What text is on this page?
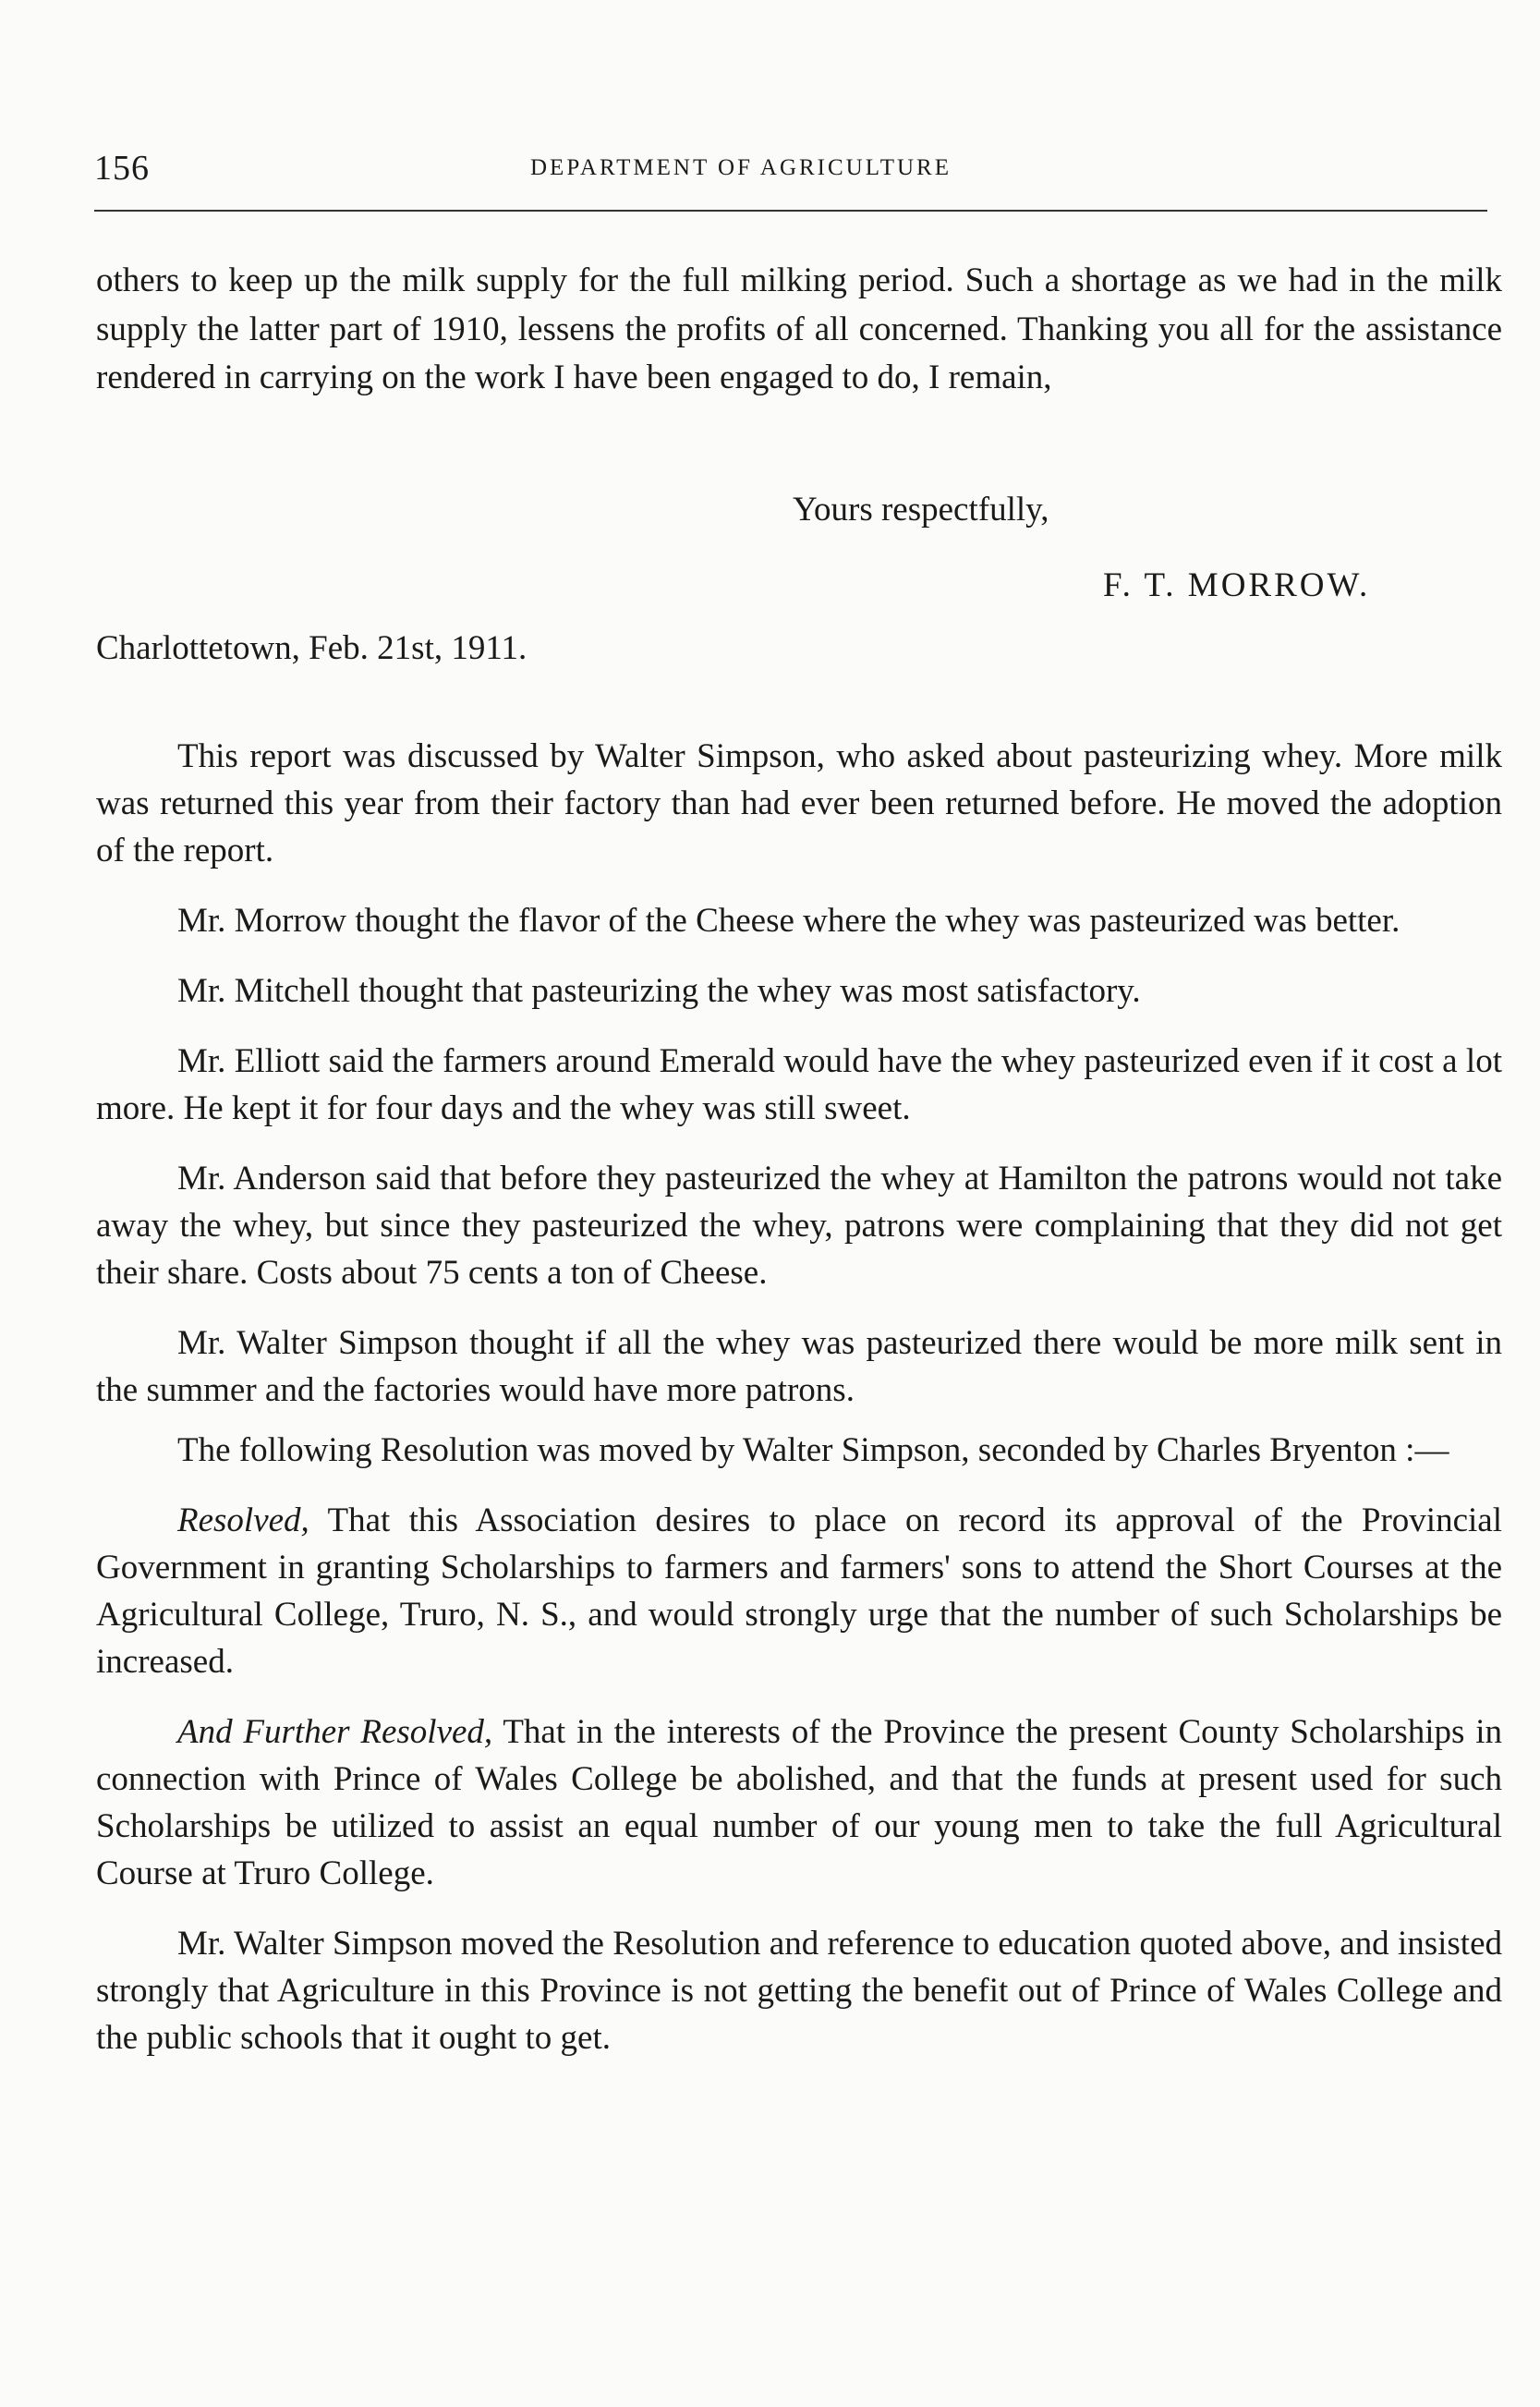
156	DEPARTMENT OF AGRICULTURE

others to keep up the milk supply for the full milking period. Such a shortage as we had in the milk supply the latter part of 1910, lessens the profits of all concerned. Thanking you all for the assistance rendered in carrying on the work I have been engaged to do, I remain,

Yours respectfully,
F. T. MORROW.
Charlottetown, Feb. 21st, 1911.

This report was discussed by Walter Simpson, who asked about pasteurizing whey. More milk was returned this year from their factory than had ever been returned before. He moved the adoption of the report.

Mr. Morrow thought the flavor of the Cheese where the whey was pasteurized was better.

Mr. Mitchell thought that pasteurizing the whey was most satisfactory.

Mr. Elliott said the farmers around Emerald would have the whey pasteurized even if it cost a lot more. He kept it for four days and the whey was still sweet.

Mr. Anderson said that before they pasteurized the whey at Hamilton the patrons would not take away the whey, but since they pasteurized the whey, patrons were complaining that they did not get their share. Costs about 75 cents a ton of Cheese.

Mr. Walter Simpson thought if all the whey was pasteurized there would be more milk sent in the summer and the factories would have more patrons.

The following Resolution was moved by Walter Simpson, seconded by Charles Bryenton :—

Resolved, That this Association desires to place on record its approval of the Provincial Government in granting Scholarships to farmers and farmers' sons to attend the Short Courses at the Agricultural College, Truro, N. S., and would strongly urge that the number of such Scholarships be increased.

And Further Resolved, That in the interests of the Province the present County Scholarships in connection with Prince of Wales College be abolished, and that the funds at present used for such Scholarships be utilized to assist an equal number of our young men to take the full Agricultural Course at Truro College.

Mr. Walter Simpson moved the Resolution and reference to education quoted above, and insisted strongly that Agriculture in this Province is not getting the benefit out of Prince of Wales College and the public schools that it ought to get.
